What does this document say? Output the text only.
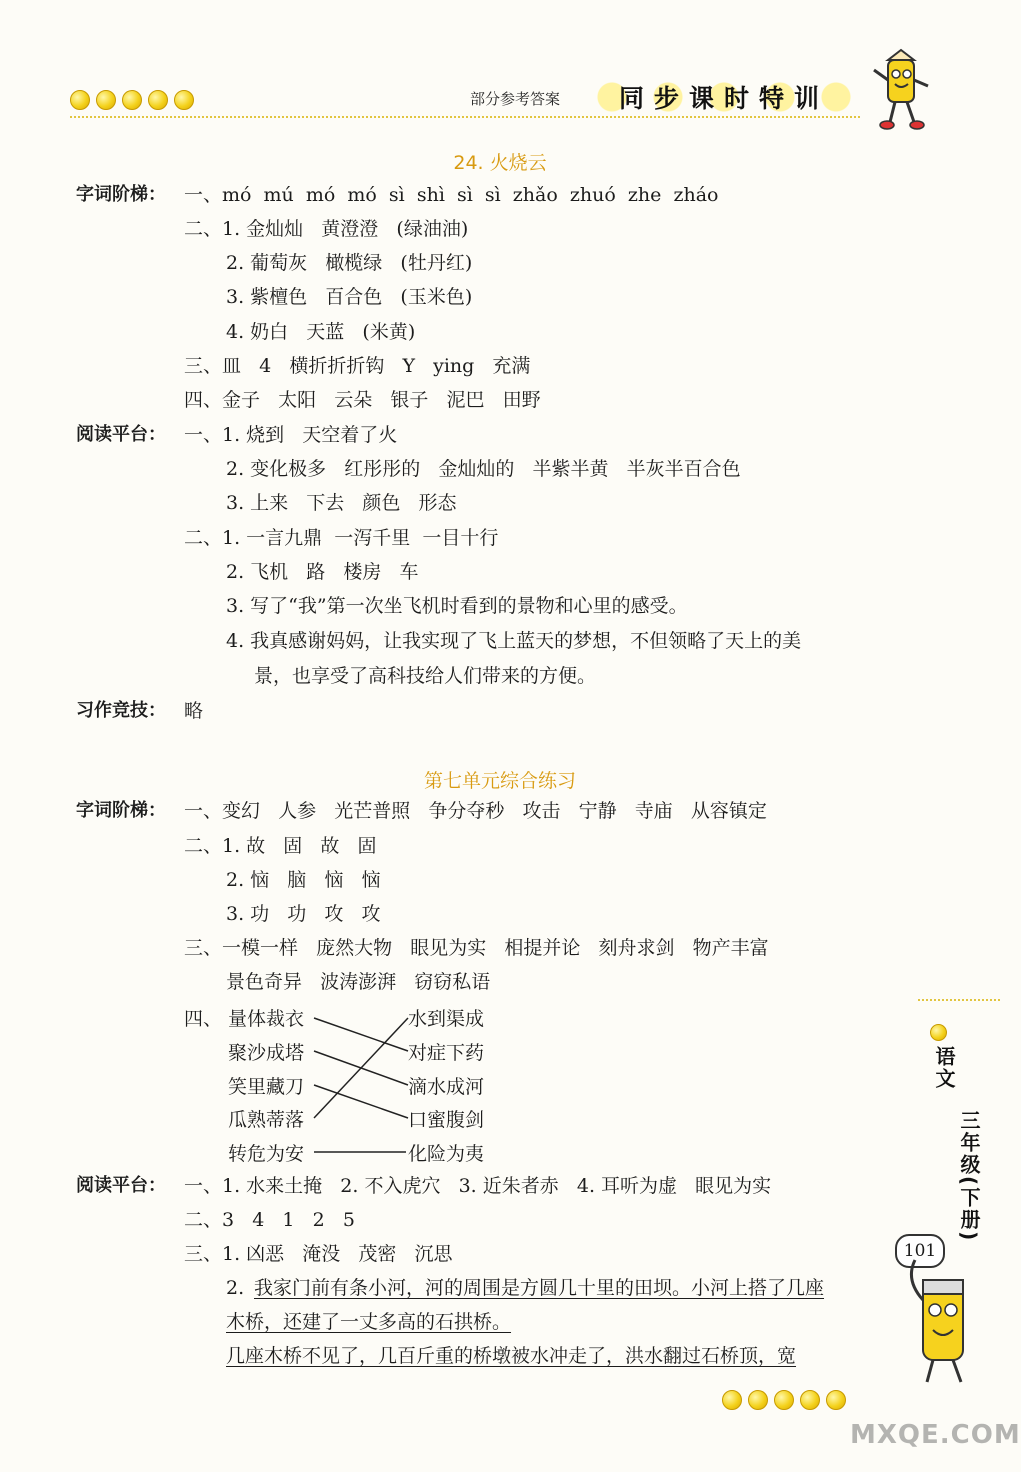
部分参考答案	同步课时特训
24. 火烧云
字词阶梯： 一、mó  mú  mó  mó  sì  shì  sì  sì  zhǎo  zhuó  zhe  zháo
二、1. 金灿灿   黄澄澄   (绿油油)
2. 葡萄灰   橄榄绿   (牡丹红)
3. 紫檀色   百合色   (玉米色)
4. 奶白   天蓝   (米黄)
三、皿   4   横折折折钩   Y   ying   充满
四、金子   太阳   云朵   银子   泥巴   田野
阅读平台： 一、1. 烧到   天空着了火
2. 变化极多   红彤彤的   金灿灿的   半紫半黄   半灰半百合色
3. 上来   下去   颜色   形态
二、1. 一言九鼎  一泻千里  一目十行
2. 飞机   路   楼房   车
3. 写了“我”第一次坐飞机时看到的景物和心里的感受。
4. 我真感谢妈妈，让我实现了飞上蓝天的梦想，不但领略了天上的美
景，也享受了高科技给人们带来的方便。
习作竞技： 略
第七单元综合练习
字词阶梯： 一、变幻   人参   光芒普照   争分夺秒   攻击   宁静   寺庙   从容镇定
二、1. 故   固   故   固
2. 恼   脑   恼   恼
3. 功   功   攻   攻
三、一模一样   庞然大物   眼见为实   相提并论   刻舟求剑   物产丰富
景色奇异   波涛澎湃   窃窃私语
四、 量体裁衣
聚沙成塔
笑里藏刀
瓜熟蒂落
转危为安
水到渠成
对症下药
滴水成河
口蜜腹剑
化险为夷
阅读平台： 一、1. 水来土掩   2. 不入虎穴   3. 近朱者赤   4. 耳听为虚   眼见为实
二、3   4   1   2   5
三、1. 凶恶   淹没   茂密   沉思
2. 我家门前有条小河，河的周围是方圆几十里的田坝。小河上搭了几座
木桥，还建了一丈多高的石拱桥。
几座木桥不见了，几百斤重的桥墩被水冲走了，洪水翻过石桥顶，宽
语文
三年级(下册)
101
MXQE.COM
